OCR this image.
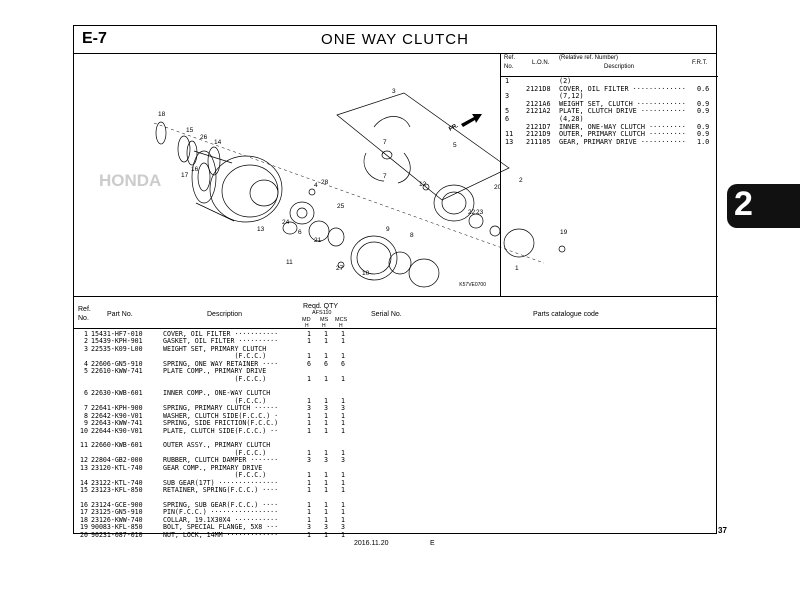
E-7	ONE WAY CLUTCH
HONDA
FR.
18
15
26
14
17
16
13
24
4 28
6
21
25
11
27
10
9
8
3
7
7
12
5
22 23
20
2
19
1
K57VE0700
Ref.
No.
L.O.N.
(Relative ref. Number)
Description
F.R.T.
1	(2)
2121D8 COVER, OIL FILTER ············· 0.6
3	(7,12)
2121A6 WEIGHT SET, CLUTCH ············ 0.9
5 2121A2 PLATE, CLUTCH DRIVE ··········· 0.9
6	(4,28)
2121D7 INNER, ONE-WAY CLUTCH ········· 0.9
11 2121D9 OUTER, PRIMARY CLUTCH ········· 0.9
13 211105 GEAR, PRIMARY DRIVE ··········· 1.0
Ref.
No.
Part No.	Description
Reqd. QTY
AFS110
MD MS MCS
H	H	H
Serial No.	Parts catalogue code
1 15431-HF7-010	COVER, OIL FILTER ···········	1 1 1
2 15439-KPH-901	GASKET, OIL FILTER ··········	1 1 1
3 22535-K09-L00	WEIGHT SET, PRIMARY CLUTCH
(F.C.C.)	1 1 1
4 22606-GN5-910	SPRING, ONE WAY RETAINER ····	6 6 6
5 22610-KWW-741	PLATE COMP., PRIMARY DRIVE
(F.C.C.)	1 1 1
6 22630-KWB-601	INNER COMP., ONE-WAY CLUTCH
(F.C.C.)	1 1 1
7 22641-KPH-900	SPRING, PRIMARY CLUTCH ······	3 3 3
8 22642-K90-V01	WASHER, CLUTCH SIDE(F.C.C.) ·	1 1 1
9 22643-KWW-741	SPRING, SIDE FRICTION(F.C.C.)	1 1 1
10 22644-K90-V01	PLATE, CLUTCH SIDE(F.C.C.) ··	1 1 1
11 22660-KWB-601	OUTER ASSY., PRIMARY CLUTCH
(F.C.C.)	1 1 1
12 22804-GB2-000	RUBBER, CLUTCH DAMPER ·······	3 3 3
13 23120-KTL-740	GEAR COMP., PRIMARY DRIVE
(F.C.C.)	1 1 1
14 23122-KTL-740	SUB GEAR(17T) ···············	1 1 1
15 23123-KFL-850	RETAINER, SPRING(F.C.C.) ····	1 1 1
16 23124-GCE-900	SPRING, SUB GEAR(F.C.C.) ····	1 1 1
17 23125-GN5-910	PIN(F.C.C.) ·················	1 1 1
18 23126-KWW-740	COLLAR, 19.1X30X4 ···········	1 1 1
19 90083-KFL-850	BOLT, SPECIAL FLANGE, 5X8 ···	3 3 3
20 90231-087-010	NUT, LOCK, 14MM ·············	1 1 1
2
37
2016.11.20	E
